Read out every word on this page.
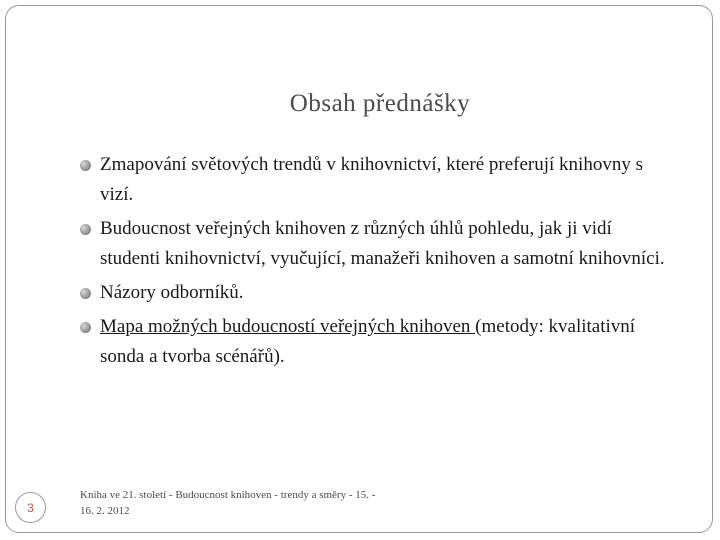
Obsah přednášky
Zmapování světových trendů v knihovnictví, které preferují knihovny s vizí.
Budoucnost veřejných knihoven z různých úhlů pohledu, jak ji vidí studenti knihovnictví, vyučující, manažeři knihoven a samotní knihovníci.
Názory odborníků.
Mapa možných budoucností veřejných knihoven (metody: kvalitativní sonda a tvorba scénářů).
3
Kniha ve 21. století - Budoucnost knihoven - trendy a směry - 15. - 16. 2. 2012
